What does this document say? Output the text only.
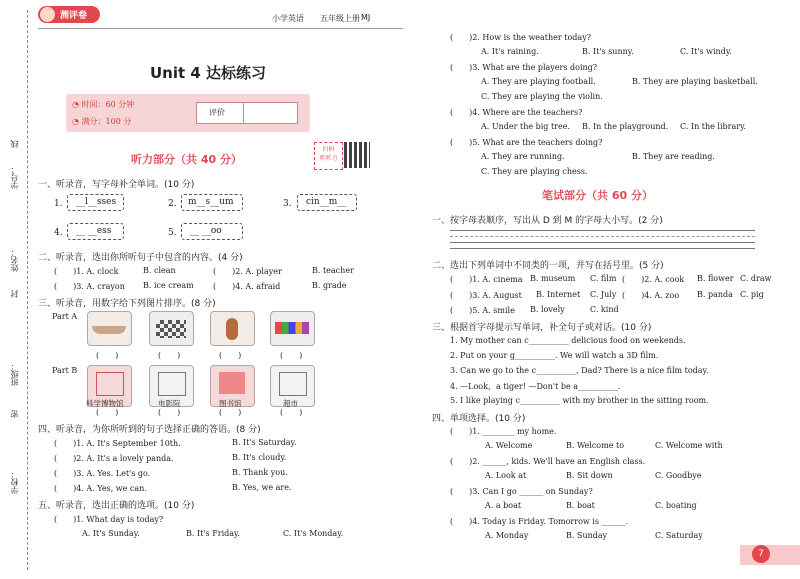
线
学号：
姓名：
封
班级：
密
学校：
测评卷	小学英语 五年级上册 MJ
Unit 4 达标练习
◔ 时间：60 分钟
◔ 满分：100 分
评价
听力部分（共 40 分）
扫码
听听力
一、听录音，写字母补全单词。(10 分)
1. __l__sses	2. m__s__um	3. cin__m__
4. __ __ess	5. __ __oo
二、听录音，选出你所听句子中包含的内容。(4 分)
(　　)1. A. clock	B. clean	(　　)2. A. player	B. teacher
(　　)3. A. crayon B. ice cream (　　)4. A. afraid	B. grade
三、听录音，用数字给下列图片排序。(8 分)
Part A
(　　)	(　　)	(　　)	(　　)
Part B
科学博物馆	电影院	图书馆	超市
(　　)	(　　)	(　　)	(　　)
四、听录音，为你所听到的句子选择正确的答语。(8 分)
(　　)1. A. It's September 10th.	B. It's Saturday.
(　　)2. A. It's a lovely panda.	B. It's cloudy.
(　　)3. A. Yes. Let's go.	B. Thank you.
(　　)4. A. Yes, we can.	B. Yes, we are.
五、听录音，选出正确的选项。(10 分)
(　　)1. What day is today?
A. It's Sunday.	B. It's Friday.	C. It's Monday.
(　　)2. How is the weather today?
A. It's raining.	B. It's sunny.	C. It's windy.
(　　)3. What are the players doing?
A. They are playing football.	B. They are playing basketball.
C. They are playing the violin.
(　　)4. Where are the teachers?
A. Under the big tree. B. In the playground. C. In the library.
(　　)5. What are the teachers doing?
A. They are running.	B. They are reading.
C. They are playing chess.
笔试部分（共 60 分）
一、按字母表顺序，写出从 D 到 M 的字母大小写。(2 分)
二、选出下列单词中不同类的一项，并写在括号里。(5 分)
(　　)1. A. cinema B. museum C. film (　　)2. A. cook B. flower C. draw
(　　)3. A. August B. Internet C. July (　　)4. A. zoo B. panda C. pig
(　　)5. A. smile B. lovely	C. kind
三、根据首字母提示写单词，补全句子或对话。(10 分)
1. My mother can c__________ delicious food on weekends.
2. Put on your g__________. We will watch a 3D film.
3. Can we go to the c__________, Dad? There is a nice film today.
4. —Look，a tiger! —Don't be a__________.
5. I like playing c__________ with my brother in the sitting room.
四、单项选择。(10 分)
(　　)1. ________ my home.
A. Welcome	B. Welcome to	C. Welcome with
(　　)2. ______, kids. We'll have an English class.
A. Look at	B. Sit down	C. Goodbye
(　　)3. Can I go ______ on Sunday?
A. a boat	B. boat	C. boating
(　　)4. Today is Friday. Tomorrow is ______.
A. Monday	B. Sunday	C. Saturday
7
